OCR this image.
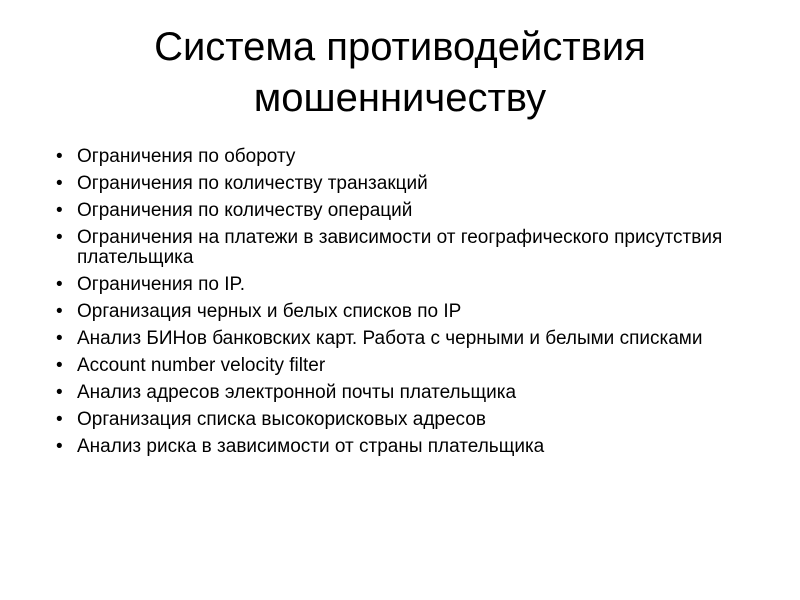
Система противодействия мошенничеству
• Ограничения по обороту
• Ограничения по количеству транзакций
• Ограничения по количеству операций
• Ограничения на платежи в зависимости от географического присутствия плательщика
• Ограничения по IP.
• Организация черных и белых списков по IP
• Анализ БИНов банковских карт. Работа с черными и белыми списками
• Account number velocity filter
• Анализ адресов электронной почты плательщика
• Организация списка высокорисковых адресов
• Анализ риска в зависимости от страны плательщика
